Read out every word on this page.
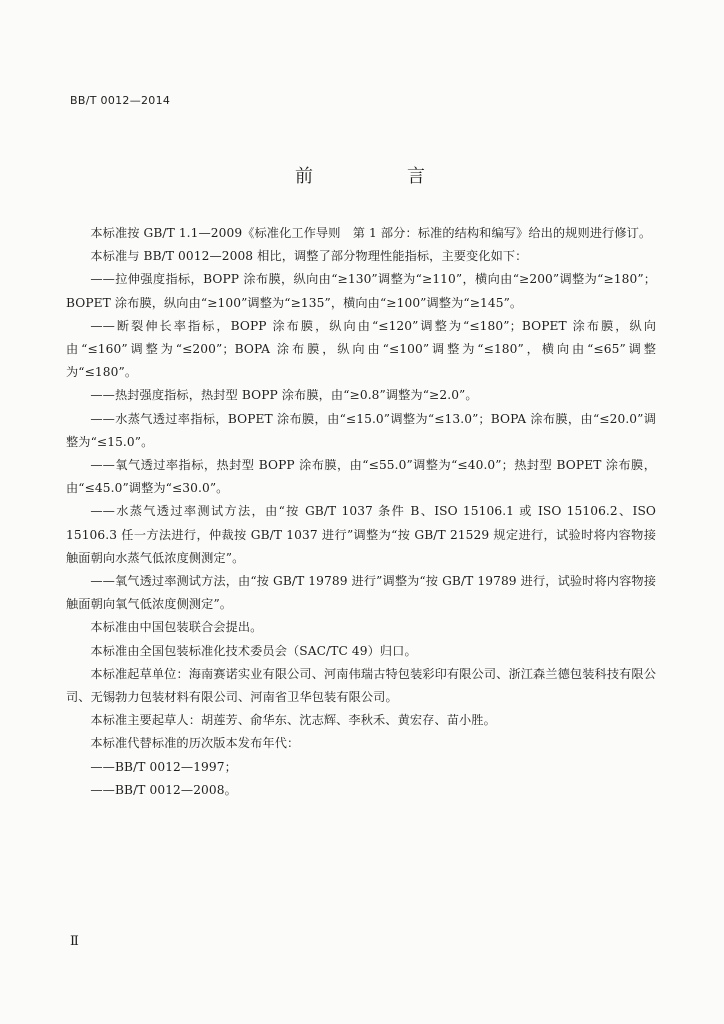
BB/T 0012—2014
前　言

本标准按 GB/T 1.1—2009《标准化工作导则　第 1 部分：标准的结构和编写》给出的规则进行修订。

本标准与 BB/T 0012—2008 相比，调整了部分物理性能指标，主要变化如下：

——拉伸强度指标，BOPP 涂布膜，纵向由“≥130”调整为“≥110”，横向由“≥200”调整为“≥180”；BOPET 涂布膜，纵向由“≥100”调整为“≥135”，横向由“≥100”调整为“≥145”。

——断裂伸长率指标，BOPP 涂布膜，纵向由“≤120”调整为“≤180”；BOPET 涂布膜，纵向由“≤160”调整为“≤200”；BOPA 涂布膜，纵向由“≤100”调整为“≤180”，横向由“≤65”调整为“≤180”。

——热封强度指标，热封型 BOPP 涂布膜，由“≥0.8”调整为“≥2.0”。

——水蒸气透过率指标，BOPET 涂布膜，由“≤15.0”调整为“≤13.0”；BOPA 涂布膜，由“≤20.0”调整为“≤15.0”。

——氧气透过率指标，热封型 BOPP 涂布膜，由“≤55.0”调整为“≤40.0”；热封型 BOPET 涂布膜，由“≤45.0”调整为“≤30.0”。

——水蒸气透过率测试方法，由“按 GB/T 1037 条件 B、ISO 15106.1 或 ISO 15106.2、ISO 15106.3 任一方法进行，仲裁按 GB/T 1037 进行”调整为“按 GB/T 21529 规定进行，试验时将内容物接触面朝向水蒸气低浓度侧测定”。

——氧气透过率测试方法，由“按 GB/T 19789 进行”调整为“按 GB/T 19789 进行，试验时将内容物接触面朝向氧气低浓度侧测定”。

本标准由中国包装联合会提出。

本标准由全国包装标准化技术委员会（SAC/TC 49）归口。

本标准起草单位：海南赛诺实业有限公司、河南伟瑞古特包装彩印有限公司、浙江森兰德包装科技有限公司、无锡勃力包装材料有限公司、河南省卫华包装有限公司。

本标准主要起草人：胡莲芳、俞华东、沈志辉、李秋禾、黄宏存、苗小胜。

本标准代替标准的历次版本发布年代：

——BB/T 0012—1997；

——BB/T 0012—2008。

Ⅱ
